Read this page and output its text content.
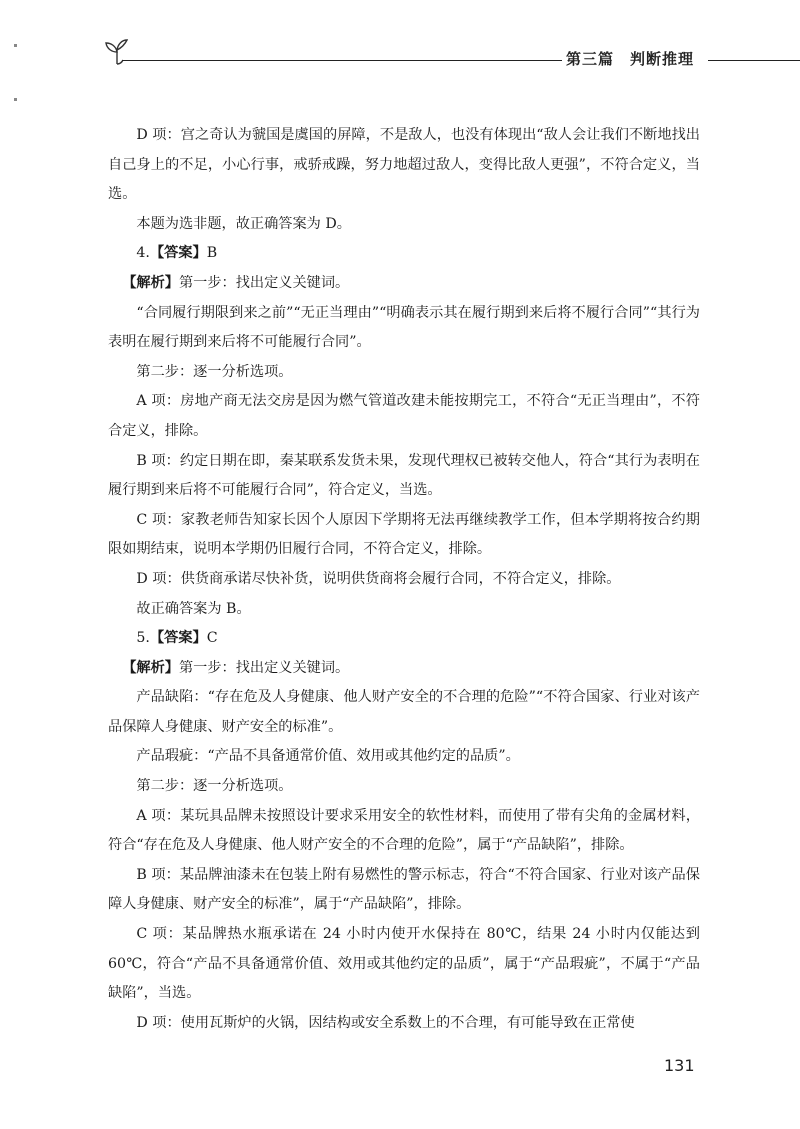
第三篇　判断推理

D 项：宫之奇认为虢国是虞国的屏障，不是敌人，也没有体现出“敌人会让我们不断地找出自己身上的不足，小心行事，戒骄戒躁，努力地超过敌人，变得比敌人更强”，不符合定义，当选。

本题为选非题，故正确答案为 D。

4.【答案】B

【解析】第一步：找出定义关键词。

“合同履行期限到来之前”“无正当理由”“明确表示其在履行期到来后将不履行合同”“其行为表明在履行期到来后将不可能履行合同”。

第二步：逐一分析选项。

A 项：房地产商无法交房是因为燃气管道改建未能按期完工，不符合“无正当理由”，不符合定义，排除。

B 项：约定日期在即，秦某联系发货未果，发现代理权已被转交他人，符合“其行为表明在履行期到来后将不可能履行合同”，符合定义，当选。

C 项：家教老师告知家长因个人原因下学期将无法再继续教学工作，但本学期将按合约期限如期结束，说明本学期仍旧履行合同，不符合定义，排除。

D 项：供货商承诺尽快补货，说明供货商将会履行合同，不符合定义，排除。

故正确答案为 B。

5.【答案】C

【解析】第一步：找出定义关键词。

产品缺陷：“存在危及人身健康、他人财产安全的不合理的危险”“不符合国家、行业对该产品保障人身健康、财产安全的标准”。

产品瑕疵：“产品不具备通常价值、效用或其他约定的品质”。

第二步：逐一分析选项。

A 项：某玩具品牌未按照设计要求采用安全的软性材料，而使用了带有尖角的金属材料，符合“存在危及人身健康、他人财产安全的不合理的危险”，属于“产品缺陷”，排除。

B 项：某品牌油漆未在包装上附有易燃性的警示标志，符合“不符合国家、行业对该产品保障人身健康、财产安全的标准”，属于“产品缺陷”，排除。

C 项：某品牌热水瓶承诺在 24 小时内使开水保持在 80℃，结果 24 小时内仅能达到 60℃，符合“产品不具备通常价值、效用或其他约定的品质”，属于“产品瑕疵”，不属于“产品缺陷”，当选。

D 项：使用瓦斯炉的火锅，因结构或安全系数上的不合理，有可能导致在正常使

131
